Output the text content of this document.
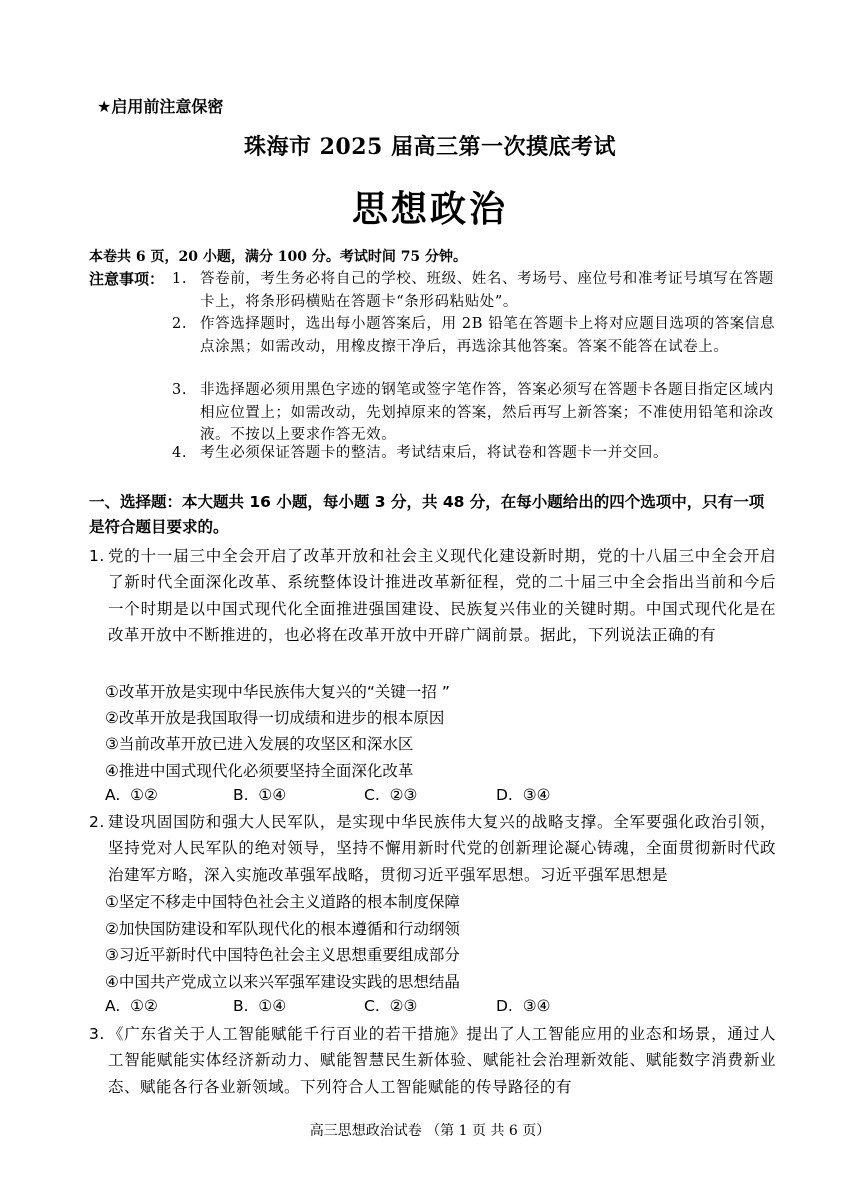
★启用前注意保密
珠海市 2025 届高三第一次摸底考试
思想政治
本卷共 6 页，20 小题，满分 100 分。考试时间 75 分钟。
注意事项： 1. 答卷前，考生务必将自己的学校、班级、姓名、考场号、座位号和准考证号填写在答题卡上，将条形码横贴在答题卡“条形码粘贴处”。
2. 作答选择题时，选出每小题答案后，用 2B 铅笔在答题卡上将对应题目选项的答案信息点涂黑；如需改动，用橡皮擦干净后，再选涂其他答案。答案不能答在试卷上。
3. 非选择题必须用黑色字迹的钢笔或签字笔作答，答案必须写在答题卡各题目指定区域内相应位置上；如需改动，先划掉原来的答案，然后再写上新答案；不准使用铅笔和涂改液。不按以上要求作答无效。
4. 考生必须保证答题卡的整洁。考试结束后，将试卷和答题卡一并交回。
一、选择题：本大题共 16 小题，每小题 3 分，共 48 分，在每小题给出的四个选项中，只有一项是符合题目要求的。
1. 党的十一届三中全会开启了改革开放和社会主义现代化建设新时期，党的十八届三中全会开启了新时代全面深化改革、系统整体设计推进改革新征程，党的二十届三中全会指出当前和今后一个时期是以中国式现代化全面推进强国建设、民族复兴伟业的关键时期。中国式现代化是在改革开放中不断推进的，也必将在改革开放中开辟广阔前景。据此，下列说法正确的有
①改革开放是实现中华民族伟大复兴的“关键一招 ”
②改革开放是我国取得一切成绩和进步的根本原因
③当前改革开放已进入发展的攻坚区和深水区
④推进中国式现代化必须要坚持全面深化改革
A. ①②	B. ①④	C. ②③	D. ③④
2. 建设巩固国防和强大人民军队，是实现中华民族伟大复兴的战略支撑。全军要强化政治引领，坚持党对人民军队的绝对领导，坚持不懈用新时代党的创新理论凝心铸魂，全面贯彻新时代政治建军方略，深入实施改革强军战略，贯彻习近平强军思想。习近平强军思想是
①坚定不移走中国特色社会主义道路的根本制度保障
②加快国防建设和军队现代化的根本遵循和行动纲领
③习近平新时代中国特色社会主义思想重要组成部分
④中国共产党成立以来兴军强军建设实践的思想结晶
A. ①②	B. ①④	C. ②③	D. ③④
3. 《广东省关于人工智能赋能千行百业的若干措施》提出了人工智能应用的业态和场景，通过人工智能赋能实体经济新动力、赋能智慧民生新体验、赋能社会治理新效能、赋能数字消费新业态、赋能各行各业新领域。下列符合人工智能赋能的传导路径的有
高三思想政治试卷 （第 1 页 共 6 页）
